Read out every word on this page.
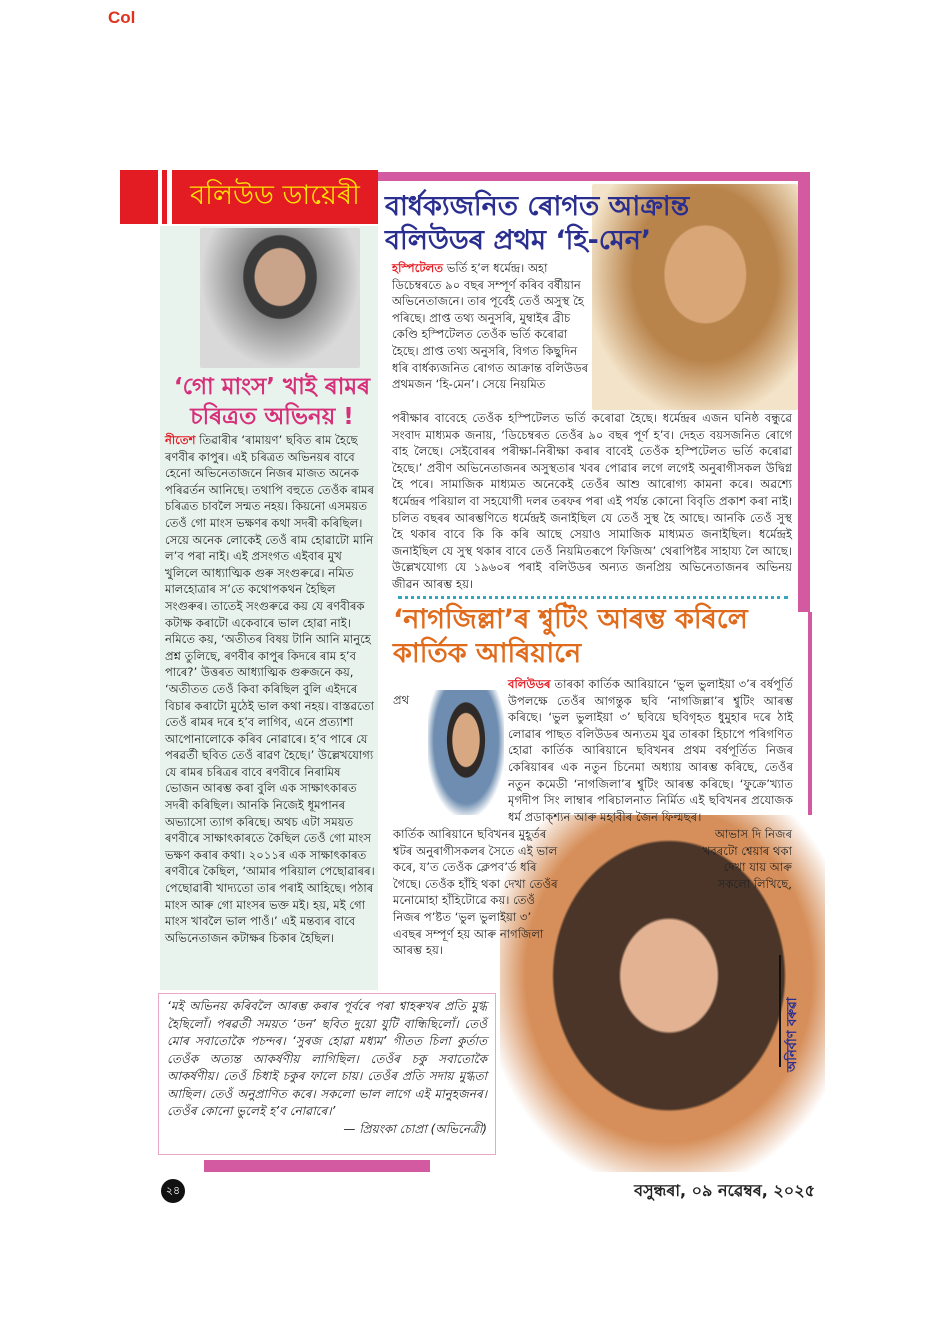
Col
বলিউড ডায়েৰী বাৰ্ধক্যজনিত ৰোগত আক্ৰান্ত বলিউডৰ প্ৰথম ‘হি-মেন’
হস্পিটেলত ভৰ্তি হ’ল ধৰ্মেন্দ্ৰ। অহা ডিচেম্বৰতে ৯০ বছৰ সম্পূৰ্ণ কৰিব বৰ্ষীয়ান অভিনেতাজনে। তাৰ পূৰ্বেই তেওঁ অসুস্থ হৈ পৰিছে। প্ৰাপ্ত তথ্য অনুসৰি, মুম্বাইৰ ব্ৰীচ কেণ্ডি হস্পিটেলত তেওঁক ভৰ্তি কৰোৱা হৈছে। প্ৰাপ্ত তথ্য অনুসৰি, বিগত কিছুদিন ধৰি বাৰ্ধক্যজনিত ৰোগত আক্ৰান্ত বলিউডৰ প্ৰথমজন ‘হি-মেন’। সেয়ে নিয়মিত
পৰীক্ষাৰ বাবেহে তেওঁক হস্পিটেলত ভৰ্তি কৰোৱা হৈছে। ধৰ্মেন্দ্ৰৰ এজন ঘনিষ্ঠ বন্ধুৱে সংবাদ মাধ্যমক জনায়, ‘ডিচেম্বৰত তেওঁৰ ৯০ বছৰ পূৰ্ণ হ’ব। দেহত বয়সজনিত ৰোগে বাহ লৈছে। সেইবোৰৰ পৰীক্ষা-নিৰীক্ষা কৰাৰ বাবেই তেওঁক হস্পিটেলত ভৰ্তি কৰোৱা হৈছে।’ প্ৰবীণ অভিনেতাজনৰ অসুস্থতাৰ খবৰ পোৱাৰ লগে লগেই অনুৰাগীসকল উদ্বিগ্ন হৈ পৰে। সামাজিক মাধ্যমত অনেকেই তেওঁৰ আশু আৰোগ্য কামনা কৰে। অৱশ্যে ধৰ্মেন্দ্ৰৰ পৰিয়াল বা সহযোগী দলৰ তৰফৰ পৰা এই পৰ্যন্ত কোনো বিবৃতি প্ৰকাশ কৰা নাই। চলিত বছৰৰ আৰম্ভণিতে ধৰ্মেন্দ্ৰই জনাইছিল যে তেওঁ সুস্থ হৈ আছে। আনকি তেওঁ সুস্থ হৈ থকাৰ বাবে কি কি কৰি আছে সেয়াও সামাজিক মাধ্যমত জনাইছিল। ধৰ্মেন্দ্ৰই জনাইছিল যে সুস্থ থকাৰ বাবে তেওঁ নিয়মিতৰূপে ফিজিঅ’ থেৰাপিষ্টৰ সাহায্য লৈ আছে। উল্লেখযোগ্য যে ১৯৬০ৰ পৰাই বলিউডৰ অন্যত জনপ্ৰিয় অভিনেতাজনৰ অভিনয় জীৱন আৰম্ভ হয়।
‘গো মাংস’ খাই ৰামৰ চৰিত্ৰত অভিনয় !
নীতেশ তিৱাৰীৰ ‘ৰামায়ণ’ ছবিত ৰাম হৈছে ৰণবীৰ কাপুৰ। এই চৰিত্ৰত অভিনয়ৰ বাবে হেনো অভিনেতাজনে নিজৰ মাজত অনেক পৰিৱৰ্তন আনিছে। তথাপি বহুতে তেওঁক ৰামৰ চৰিত্ৰত চাবলৈ সন্মত নহয়। কিয়নো এসময়ত তেওঁ গো মাংস ভক্ষণৰ কথা সদৰী কৰিছিল। সেয়ে অনেক লোকেই তেওঁ ৰাম হোৱাটো মানি ল’ব পৰা নাই। এই প্ৰসংগত এইবাৰ মুখ খুলিলে আধ্যাত্মিক গুৰু সংগুৰুৱে। নমিত মালহোত্ৰাৰ স’তে কথোপকথন হৈছিল সংগুৰুৰ। তাতেই সংগুৰুৱে কয় যে ৰণবীৰক কটাক্ষ কৰাটো একেবাৰে ভাল হোৱা নাই। নমিতে কয়, ‘অতীতৰ বিষয় টানি আনি মানুহে প্ৰশ্ন তুলিছে, ৰণবীৰ কাপুৰ কিদৰে ৰাম হ’ব পাৰে?’ উত্তৰত আধ্যাত্মিক গুৰুজনে কয়, ‘অতীতত তেওঁ কিবা কৰিছিল বুলি এইদৰে বিচাৰ কৰাটো মুঠেই ভাল কথা নহয়। বাস্তৱতো তেওঁ ৰামৰ দৰে হ’ব লাগিব, এনে প্ৰত্যাশা আপোনালোকে কৰিব নোৱাৰে। হ’ব পাৰে যে পৰৱৰ্তী ছবিত তেওঁ ৰাৱণ হৈছে।’ উল্লেখযোগ্য যে ৰামৰ চৰিত্ৰৰ বাবে ৰণবীৰে নিৰামিষ ভোজন আৰম্ভ কৰা বুলি এক সাক্ষাৎকাৰত সদৰী কৰিছিল। আনকি নিজেই ধূমপানৰ অভ্যাসো ত্যাগ কৰিছে। অথচ এটা সময়ত ৰণবীৰে সাক্ষাৎকাৰতে কৈছিল তেওঁ গো মাংস ভক্ষণ কৰাৰ কথা। ২০১১ৰ এক সাক্ষাৎকাৰত ৰণবীৰে কৈছিল, ‘আমাৰ পৰিয়াল পেছোৱাৰৰ। পেছোৱাৰী খাদ্যতো তাৰ পৰাই আহিছে। পঠাৰ মাংস আৰু গো মাংসৰ ভক্ত মই। হয়, মই গো মাংস খাবলৈ ভাল পাওঁ।’ এই মন্তব্যৰ বাবে অভিনেতাজন কটাক্ষৰ চিকাৰ হৈছিল।
‘নাগজিল্লা’ৰ শ্বুটিং আৰম্ভ কৰিলে কাৰ্তিক আৰিয়ানে
প্ৰথ
বলিউডৰ তাৰকা কাৰ্তিক আৰিয়ানে ‘ভুল ভুলাইয়া ৩’ৰ বৰ্ষপূৰ্তি উপলক্ষে তেওঁৰ আগন্তুক ছবি ‘নাগজিল্লা’ৰ শ্বুটিং আৰম্ভ কৰিছে। ‘ভুল ভুলাইয়া ৩’ ছবিয়ে ছবিগৃহত ধুমুহাৰ দৰে ঠাই লোৱাৰ পাছত বলিউডৰ অন্যতম যুৱ তাৰকা হিচাপে পৰিগণিত হোৱা কাৰ্তিক আৰিয়ানে ছবিখনৰ প্ৰথম বৰ্ষপূৰ্তিত নিজৰ কেৰিয়াৰৰ এক নতুন চিনেমা অধ্যায় আৰম্ভ কৰিছে, তেওঁৰ নতুন কমেডী ‘নাগজিলা’ৰ শ্বুটিং আৰম্ভ কৰিছে। ‘ফুক্ৰে’খ্যাত মৃগদীপ সিং লাম্বাৰ পৰিচালনাত নিৰ্মিত এই ছবিখনৰ প্ৰযোজক ধৰ্ম প্ৰডাক্‌শ্যন আৰু মহাবীৰ জৈন ফিল্মছৰ।
কাৰ্তিক আৰিয়ানে ছবিখনৰ মুহূৰ্তৰ শ্বটৰ অনুৰাগীসকলৰ সৈতে এই ভাল কৰে, য’ত তেওঁক ক্লেপব’ৰ্ড ধৰি গৈছে। তেওঁক হাঁহি থকা দেখা তেওঁৰ মনোমোহা হাঁহিটোৱে কয়। তেওঁ নিজৰ প’ষ্টত ‘ভুল ভুলাইয়া ৩’ এবছৰ সম্পূৰ্ণ হয় আৰু নাগজিলা আৰম্ভ হয়।
আভাস দি নিজৰ খবৰটো শ্বেয়াৰ থকা দেখা যায় আৰু সকলো লিখিছে,
অনিৰ্বাণ বৰুৱা
‘মই অভিনয় কৰিবলৈ আৰম্ভ কৰাৰ পূৰ্বৰে পৰা শ্বাহৰুখৰ প্ৰতি মুগ্ধ হৈছিলোঁ। পৰৱৰ্তী সময়ত ‘ডন’ ছবিত দুয়ো যুটি বান্ধিছিলোঁ। তেওঁ মোৰ সবাতোকৈ পচন্দৰ। ‘সুৰজ হোৱা মধ্যম’ গীতত চিলা কুৰ্তাত তেওঁক অত্যন্ত আকৰ্ষণীয় লাগিছিল। তেওঁৰ চকু সবাতোকৈ আকৰ্ষণীয়। তেওঁ চিধাই চকুৰ ফালে চায়। তেওঁৰ প্ৰতি সদায় মুগ্ধতা আছিল। তেওঁ অনুপ্ৰাণিত কৰে। সকলো ভাল লাগে এই মানুহজনৰ। তেওঁৰ কোনো ভুলেই হ’ব নোৱাৰে।’
— প্ৰিয়ংকা চোপ্ৰা (অভিনেত্ৰী)
২৪	বসুন্ধৰা, ০৯ নৱেম্বৰ, ২০২৫
